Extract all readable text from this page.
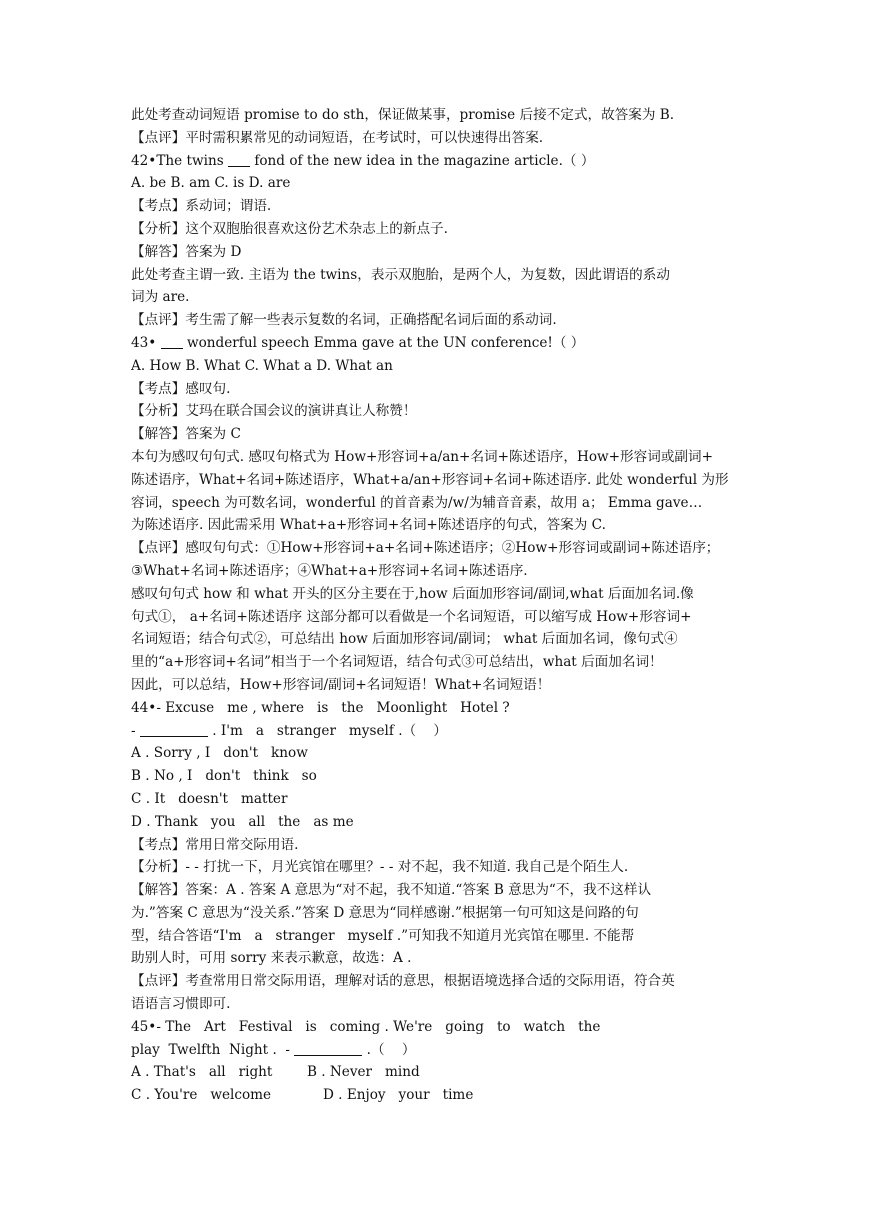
此处考查动词短语 promise to do sth，保证做某事，promise 后接不定式，故答案为 B.
【点评】平时需积累常见的动词短语，在考试时，可以快速得出答案.
42•The twins  fond of the new idea in the magazine article.（ ）
A. be B. am C. is D. are
【考点】系动词；谓语.
【分析】这个双胞胎很喜欢这份艺术杂志上的新点子.
【解答】答案为 D
此处考查主谓一致. 主语为 the twins，表示双胞胎，是两个人，为复数，因此谓语的系动
词为 are.
【点评】考生需了解一些表示复数的名词，正确搭配名词后面的系动词.
43•  wonderful speech Emma gave at the UN conference!（ ）
A. How B. What C. What a D. What an
【考点】感叹句.
【分析】艾玛在联合国会议的演讲真让人称赞！
【解答】答案为 C
本句为感叹句句式. 感叹句格式为 How+形容词+a/an+名词+陈述语序，How+形容词或副词+
陈述语序，What+名词+陈述语序，What+a/an+形容词+名词+陈述语序. 此处 wonderful 为形
容词，speech 为可数名词，wonderful 的首音素为/w/为辅音音素，故用 a； Emma gave…
为陈述语序. 因此需采用 What+a+形容词+名词+陈述语序的句式，答案为 C.
【点评】感叹句句式：①How+形容词+a+名词+陈述语序；②How+形容词或副词+陈述语序；
③What+名词+陈述语序；④What+a+形容词+名词+陈述语序.
感叹句句式 how 和 what 开头的区分主要在于,how 后面加形容词/副词,what 后面加名词.像
句式①， a+名词+陈述语序 这部分都可以看做是一个名词短语，可以缩写成 How+形容词+
名词短语；结合句式②，可总结出 how 后面加形容词/副词； what 后面加名词，像句式④
里的“a+形容词+名词”相当于一个名词短语，结合句式③可总结出，what 后面加名词！
因此，可以总结，How+形容词/副词+名词短语！What+名词短语！
44•- Excuse   me , where   is   the   Moonlight   Hotel ?
-	. I'm   a   stranger   myself .（    ）
A . Sorry , I   don't   know
B . No , I   don't   think   so
C . It   doesn't   matter
D . Thank   you   all   the   as me
【考点】常用日常交际用语.
【分析】- - 打扰一下，月光宾馆在哪里？- - 对不起，我不知道. 我自己是个陌生人.
【解答】答案：A . 答案 A 意思为“对不起，我不知道.“答案 B 意思为“不，我不这样认
为.”答案 C 意思为“没关系.”答案 D 意思为“同样感谢.”根据第一句可知这是问路的句
型，结合答语“I'm   a   stranger   myself .”可知我不知道月光宾馆在哪里. 不能帮
助别人时，可用 sorry 来表示歉意，故选：A .
【点评】考查常用日常交际用语，理解对话的意思，根据语境选择合适的交际用语，符合英
语语言习惯即可.
45•- The   Art   Festival   is   coming . We're   going   to   watch   the
play  Twelfth  Night .  -	.（    ）
A . That's   all   right        B . Never   mind
C . You're   welcome            D . Enjoy   your   time
